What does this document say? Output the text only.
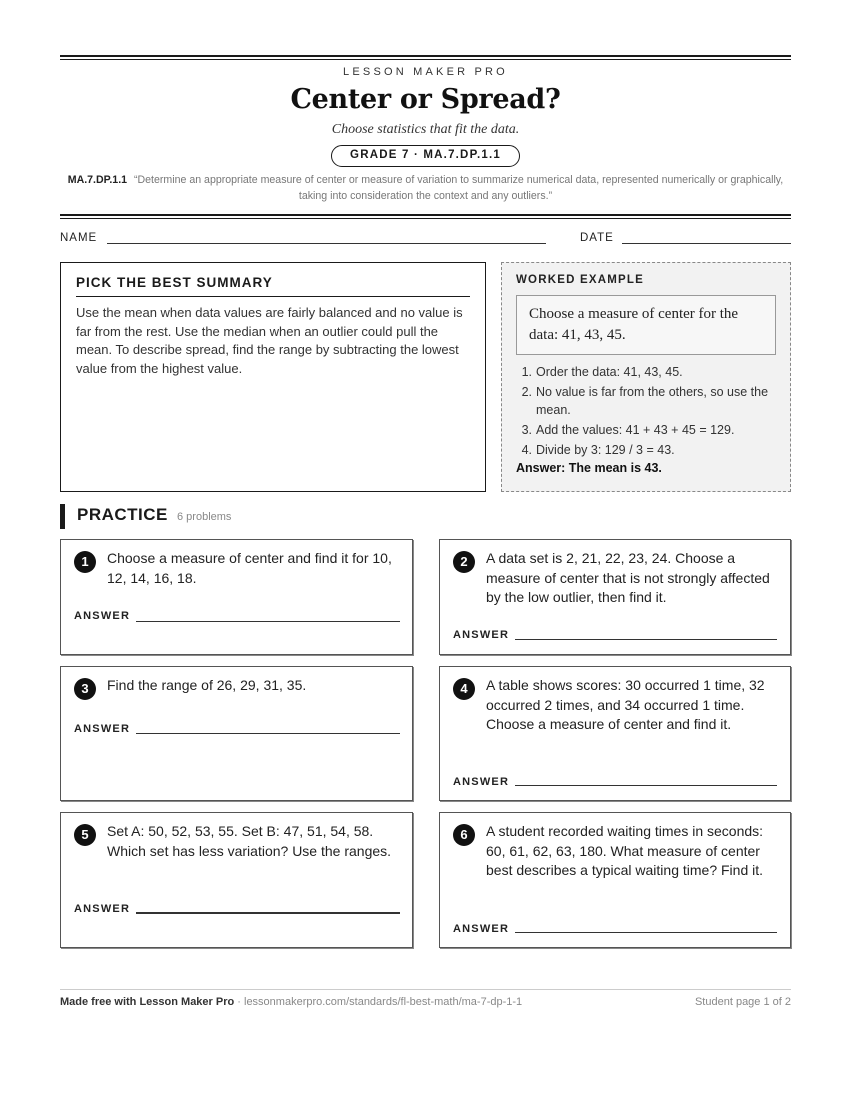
LESSON MAKER PRO
Center or Spread?
Choose statistics that fit the data.
GRADE 7 · MA.7.DP.1.1
MA.7.DP.1.1 “Determine an appropriate measure of center or measure of variation to summarize numerical data, represented numerically or graphically, taking into consideration the context and any outliers.”
NAME	DATE
PICK THE BEST SUMMARY
Use the mean when data values are fairly balanced and no value is far from the rest. Use the median when an outlier could pull the mean. To describe spread, find the range by subtracting the lowest value from the highest value.
WORKED EXAMPLE
Choose a measure of center for the data: 41, 43, 45.
1. Order the data: 41, 43, 45.
2. No value is far from the others, so use the mean.
3. Add the values: 41 + 43 + 45 = 129.
4. Divide by 3: 129 / 3 = 43.
Answer: The mean is 43.
PRACTICE 6 problems
1	Choose a measure of center and find it for 10, 12, 14, 16, 18.
ANSWER
2	A data set is 2, 21, 22, 23, 24. Choose a measure of center that is not strongly affected by the low outlier, then find it.
ANSWER
3	Find the range of 26, 29, 31, 35.
ANSWER
4	A table shows scores: 30 occurred 1 time, 32 occurred 2 times, and 34 occurred 1 time. Choose a measure of center and find it.
ANSWER
5	Set A: 50, 52, 53, 55. Set B: 47, 51, 54, 58. Which set has less variation? Use the ranges.
ANSWER
6	A student recorded waiting times in seconds: 60, 61, 62, 63, 180. What measure of center best describes a typical waiting time? Find it.
ANSWER
Made free with Lesson Maker Pro · lessonmakerpro.com/standards/fl-best-math/ma-7-dp-1-1	Student page 1 of 2
